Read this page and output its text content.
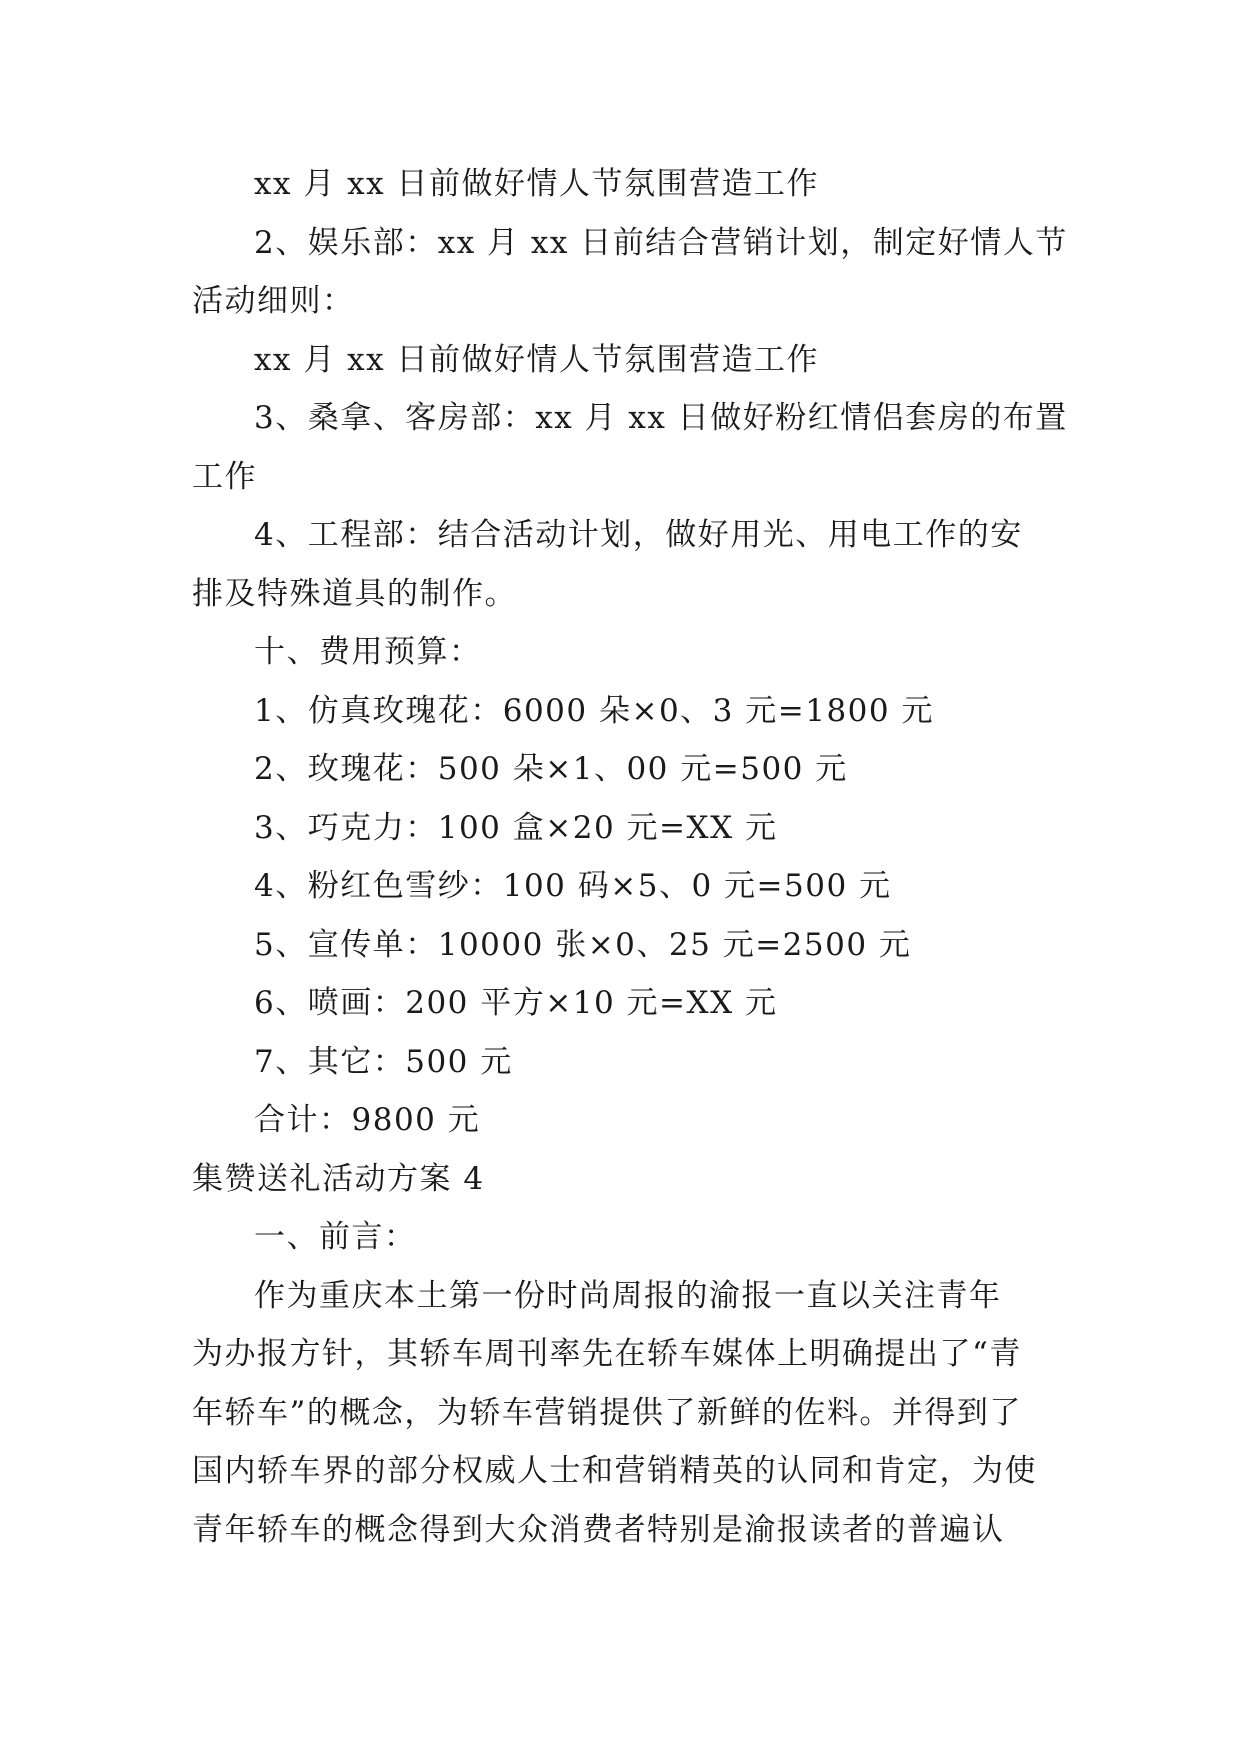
xx 月 xx 日前做好情人节氛围营造工作
2、娱乐部：xx 月 xx 日前结合营销计划，制定好情人节
活动细则：
xx 月 xx 日前做好情人节氛围营造工作
3、桑拿、客房部：xx 月 xx 日做好粉红情侣套房的布置
工作
4、工程部：结合活动计划，做好用光、用电工作的安
排及特殊道具的制作。
十、费用预算：
1、仿真玫瑰花：6000 朵×0、3 元=1800 元
2、玫瑰花：500 朵×1、00 元=500 元
3、巧克力：100 盒×20 元=XX 元
4、粉红色雪纱：100 码×5、0 元=500 元
5、宣传单：10000 张×0、25 元=2500 元
6、喷画：200 平方×10 元=XX 元
7、其它：500 元
合计：9800 元
集赞送礼活动方案 4
一、前言：
作为重庆本土第一份时尚周报的渝报一直以关注青年
为办报方针，其轿车周刊率先在轿车媒体上明确提出了“青
年轿车”的概念，为轿车营销提供了新鲜的佐料。并得到了
国内轿车界的部分权威人士和营销精英的认同和肯定，为使
青年轿车的概念得到大众消费者特别是渝报读者的普遍认
